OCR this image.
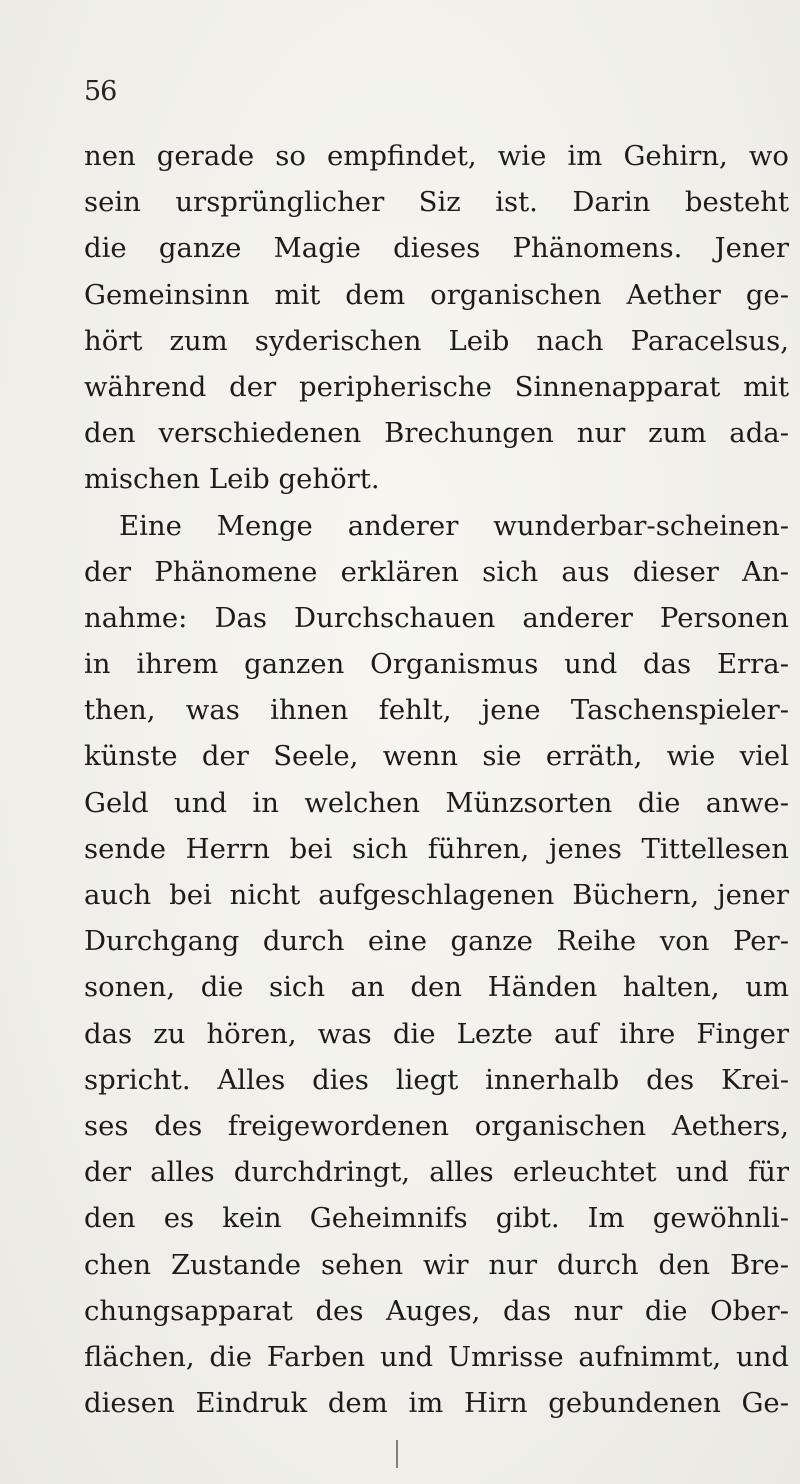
56
nen gerade so empfindet, wie im Gehirn, wo
sein ursprünglicher Siz ist. Darin besteht
die ganze Magie dieses Phänomens. Jener
Gemeinsinn mit dem organischen Aether ge-
hört zum syderischen Leib nach Paracelsus,
während der peripherische Sinnenapparat mit
den verschiedenen Brechungen nur zum ada-
mischen Leib gehört.
Eine Menge anderer wunderbar-scheinen-
der Phänomene erklären sich aus dieser An-
nahme: Das Durchschauen anderer Personen
in ihrem ganzen Organismus und das Erra-
then, was ihnen fehlt, jene Taschenspieler-
künste der Seele, wenn sie erräth, wie viel
Geld und in welchen Münzsorten die anwe-
sende Herrn bei sich führen, jenes Tittellesen
auch bei nicht aufgeschlagenen Büchern, jener
Durchgang durch eine ganze Reihe von Per-
sonen, die sich an den Händen halten, um
das zu hören, was die Lezte auf ihre Finger
spricht. Alles dies liegt innerhalb des Krei-
ses des freigewordenen organischen Aethers,
der alles durchdringt, alles erleuchtet und für
den es kein Geheimnifs gibt. Im gewöhnli-
chen Zustande sehen wir nur durch den Bre-
chungsapparat des Auges, das nur die Ober-
flächen, die Farben und Umrisse aufnimmt, und
diesen Eindruk dem im Hirn gebundenen Ge-
